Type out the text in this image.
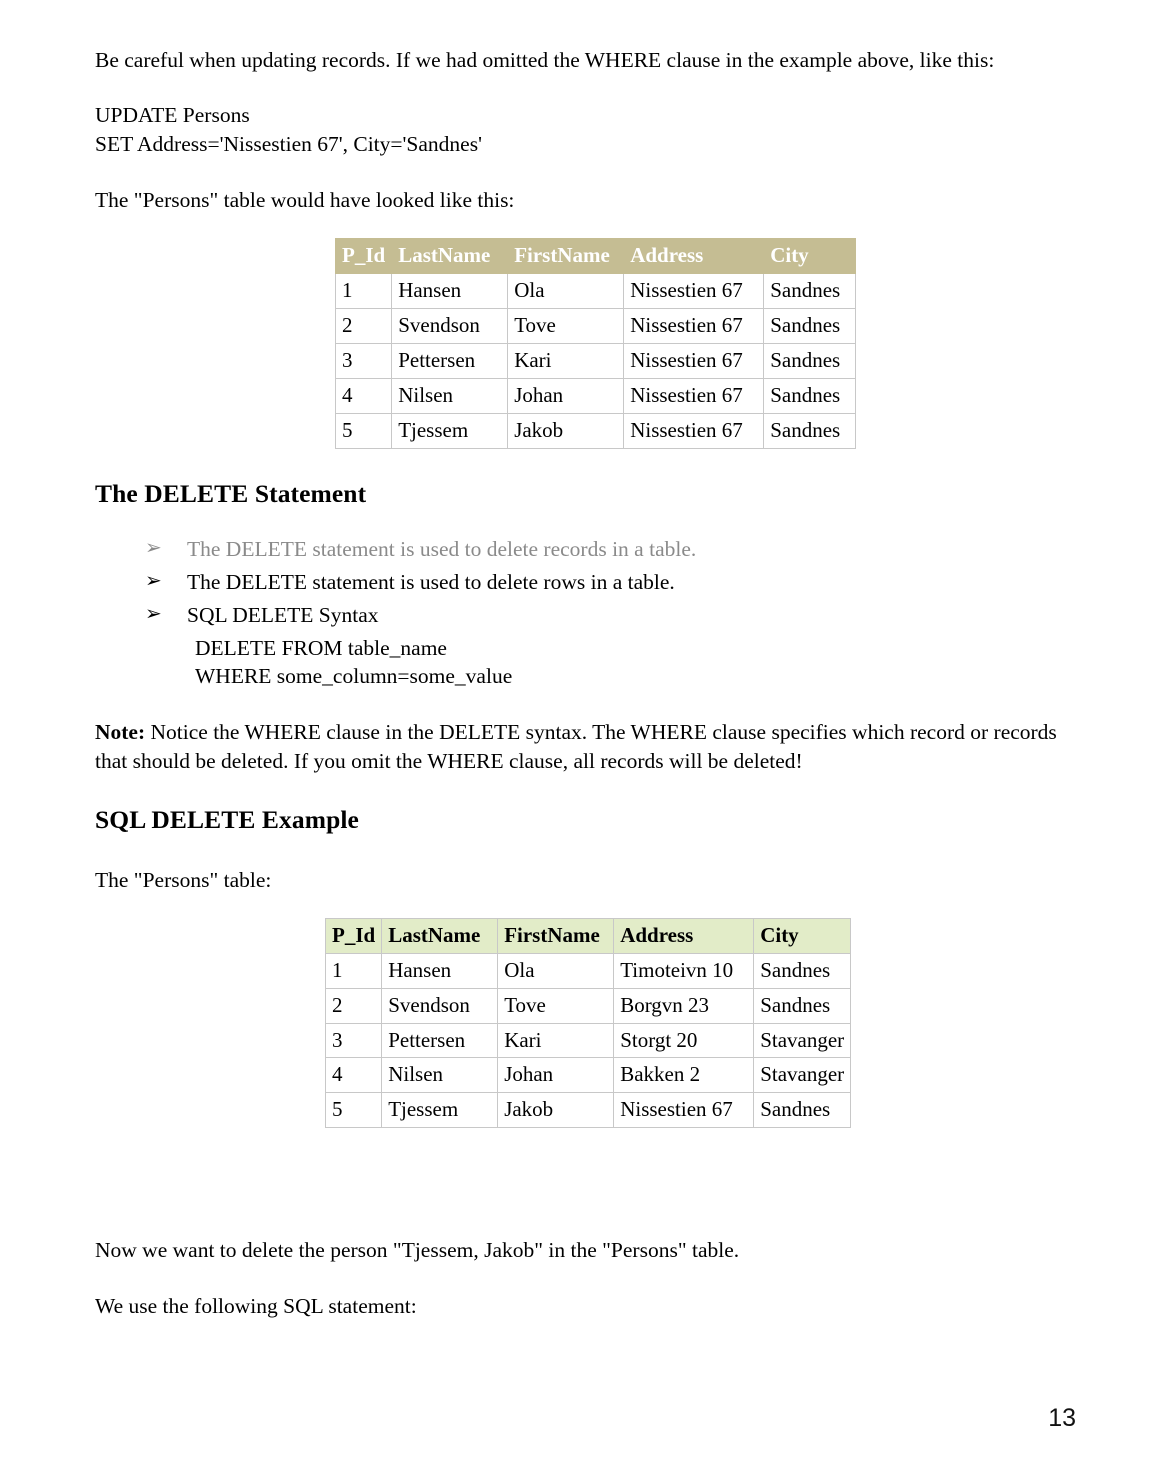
Be careful when updating records. If we had omitted the WHERE clause in the example above, like this:

UPDATE Persons
SET Address='Nissestien 67', City='Sandnes'

The "Persons" table would have looked like this:

P_Id	LastName	FirstName	Address	City
1	Hansen	Ola	Nissestien 67	Sandnes
2	Svendson	Tove	Nissestien 67	Sandnes
3	Pettersen	Kari	Nissestien 67	Sandnes
4	Nilsen	Johan	Nissestien 67	Sandnes
5	Tjessem	Jakob	Nissestien 67	Sandnes
The DELETE Statement
➢ The DELETE statement is used to delete records in a table.
➢ The DELETE statement is used to delete rows in a table.
➢ SQL DELETE Syntax
DELETE FROM table_name
WHERE some_column=some_value

Note: Notice the WHERE clause in the DELETE syntax. The WHERE clause specifies which record or records that should be deleted. If you omit the WHERE clause, all records will be deleted!

SQL DELETE Example

The "Persons" table:

P_Id	LastName	FirstName	Address	City
1	Hansen	Ola	Timoteivn 10	Sandnes
2	Svendson	Tove	Borgvn 23	Sandnes
3	Pettersen	Kari	Storgt 20	Stavanger
4	Nilsen	Johan	Bakken 2	Stavanger
5	Tjessem	Jakob	Nissestien 67	Sandnes

Now we want to delete the person "Tjessem, Jakob" in the "Persons" table.

We use the following SQL statement:

13
